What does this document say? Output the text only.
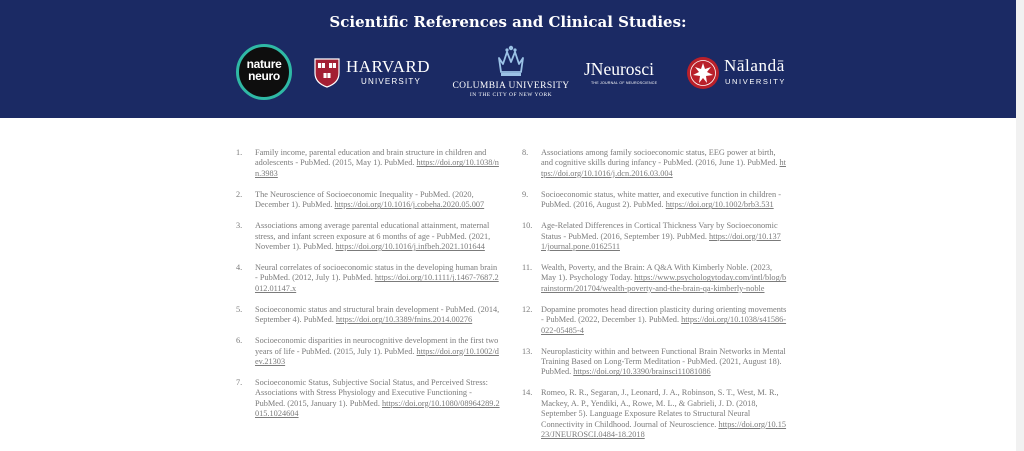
Scientific References and Clinical Studies:
nature
neuro	HARVARD
UNIVERSITY	COLUMBIA UNIVERSITY
IN THE CITY OF NEW YORK
JNeurosci
THE JOURNAL OF NEUROSCIENCE
Nālandā
UNIVERSITY
1. Family income, parental education and brain structure in children and adolescents - PubMed. (2015, May 1). PubMed. https://doi.org/10.1038/nn.3983
2. The Neuroscience of Socioeconomic Inequality - PubMed. (2020, December 1). PubMed. https://doi.org/10.1016/j.cobeha.2020.05.007
3. Associations among average parental educational attainment, maternal stress, and infant screen exposure at 6 months of age - PubMed. (2021, November 1). PubMed. https://doi.org/10.1016/j.infbeh.2021.101644
4. Neural correlates of socioeconomic status in the developing human brain - PubMed. (2012, July 1). PubMed. https://doi.org/10.1111/j.1467-7687.2012.01147.x
5. Socioeconomic status and structural brain development - PubMed. (2014, September 4). PubMed. https://doi.org/10.3389/fnins.2014.00276
6. Socioeconomic disparities in neurocognitive development in the first two years of life - PubMed. (2015, July 1). PubMed. https://doi.org/10.1002/dev.21303
7. Socioeconomic Status, Subjective Social Status, and Perceived Stress: Associations with Stress Physiology and Executive Functioning - PubMed. (2015, January 1). PubMed. https://doi.org/10.1080/08964289.2015.1024604
8. Associations among family socioeconomic status, EEG power at birth, and cognitive skills during infancy - PubMed. (2016, June 1). PubMed. https://doi.org/10.1016/j.dcn.2016.03.004
9. Socioeconomic status, white matter, and executive function in children - PubMed. (2016, August 2). PubMed. https://doi.org/10.1002/brb3.531
10. Age-Related Differences in Cortical Thickness Vary by Socioeconomic Status - PubMed. (2016, September 19). PubMed. https://doi.org/10.1371/journal.pone.0162511
11. Wealth, Poverty, and the Brain: A Q&A With Kimberly Noble. (2023, May 1). Psychology Today. https://www.psychologytoday.com/intl/blog/brainstorm/201704/wealth-poverty-and-the-brain-qa-kimberly-noble
12. Dopamine promotes head direction plasticity during orienting movements - PubMed. (2022, December 1). PubMed. https://doi.org/10.1038/s41586-022-05485-4
13. Neuroplasticity within and between Functional Brain Networks in Mental Training Based on Long-Term Meditation - PubMed. (2021, August 18). PubMed. https://doi.org/10.3390/brainsci11081086
14. Romeo, R. R., Segaran, J., Leonard, J. A., Robinson, S. T., West, M. R., Mackey, A. P., Yendiki, A., Rowe, M. L., & Gabrieli, J. D. (2018, September 5). Language Exposure Relates to Structural Neural Connectivity in Childhood. Journal of Neuroscience. https://doi.org/10.1523/JNEUROSCI.0484-18.2018
